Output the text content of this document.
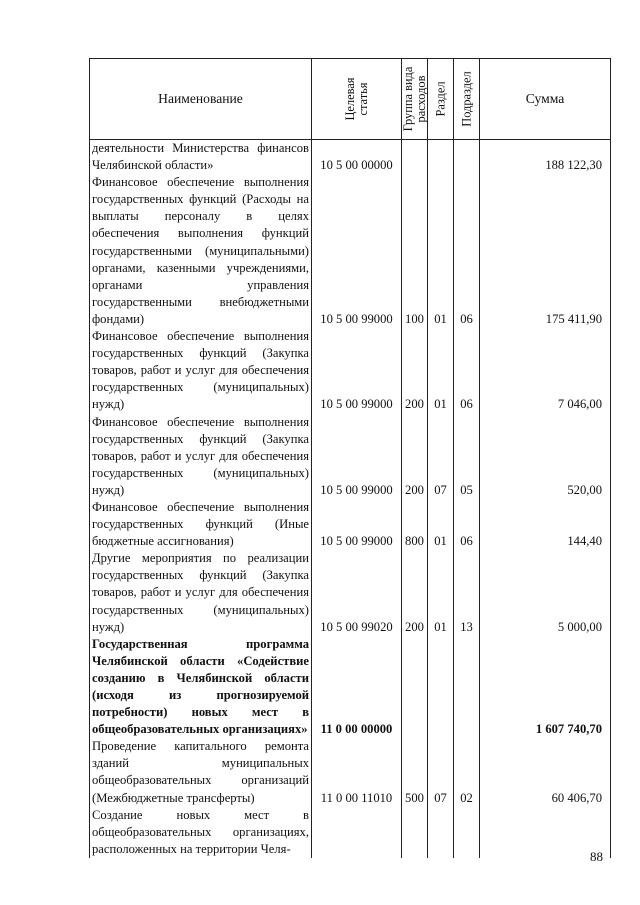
Наименование	Целевая статья	Группа вида расходов	Раздел	Подраздел	Сумма
деятельности Министерства финансов Челябинской области»	10 5 00 00000				188 122,30
Финансовое обеспечение выполнения государственных функций (Расходы на выплаты персоналу в целях обеспечения выполнения функций государственными (муниципальными) органами, казенными учреждениями, органами управления государственными внебюджетными фондами)	10 5 00 99000	100	01	06	175 411,90
Финансовое обеспечение выполнения государственных функций (Закупка товаров, работ и услуг для обеспечения государственных (муниципальных) нужд)	10 5 00 99000	200	01	06	7 046,00
Финансовое обеспечение выполнения государственных функций (Закупка товаров, работ и услуг для обеспечения государственных (муниципальных) нужд)	10 5 00 99000	200	07	05	520,00
Финансовое обеспечение выполнения государственных функций (Иные бюджетные ассигнования)	10 5 00 99000	800	01	06	144,40
Другие мероприятия по реализации государственных функций (Закупка товаров, работ и услуг для обеспечения государственных (муниципальных) нужд)	10 5 00 99020	200	01	13	5 000,00
Государственная программа Челябинской области «Содействие созданию в Челябинской области (исходя из прогнозируемой потребности) новых мест в общеобразовательных организациях»	11 0 00 00000				1 607 740,70
Проведение капитального ремонта зданий муниципальных общеобразовательных организаций (Межбюджетные трансферты)	11 0 00 11010	500	07	02	60 406,70
Создание новых мест в общеобразовательных организациях, расположенных на территории Челя-					
88
